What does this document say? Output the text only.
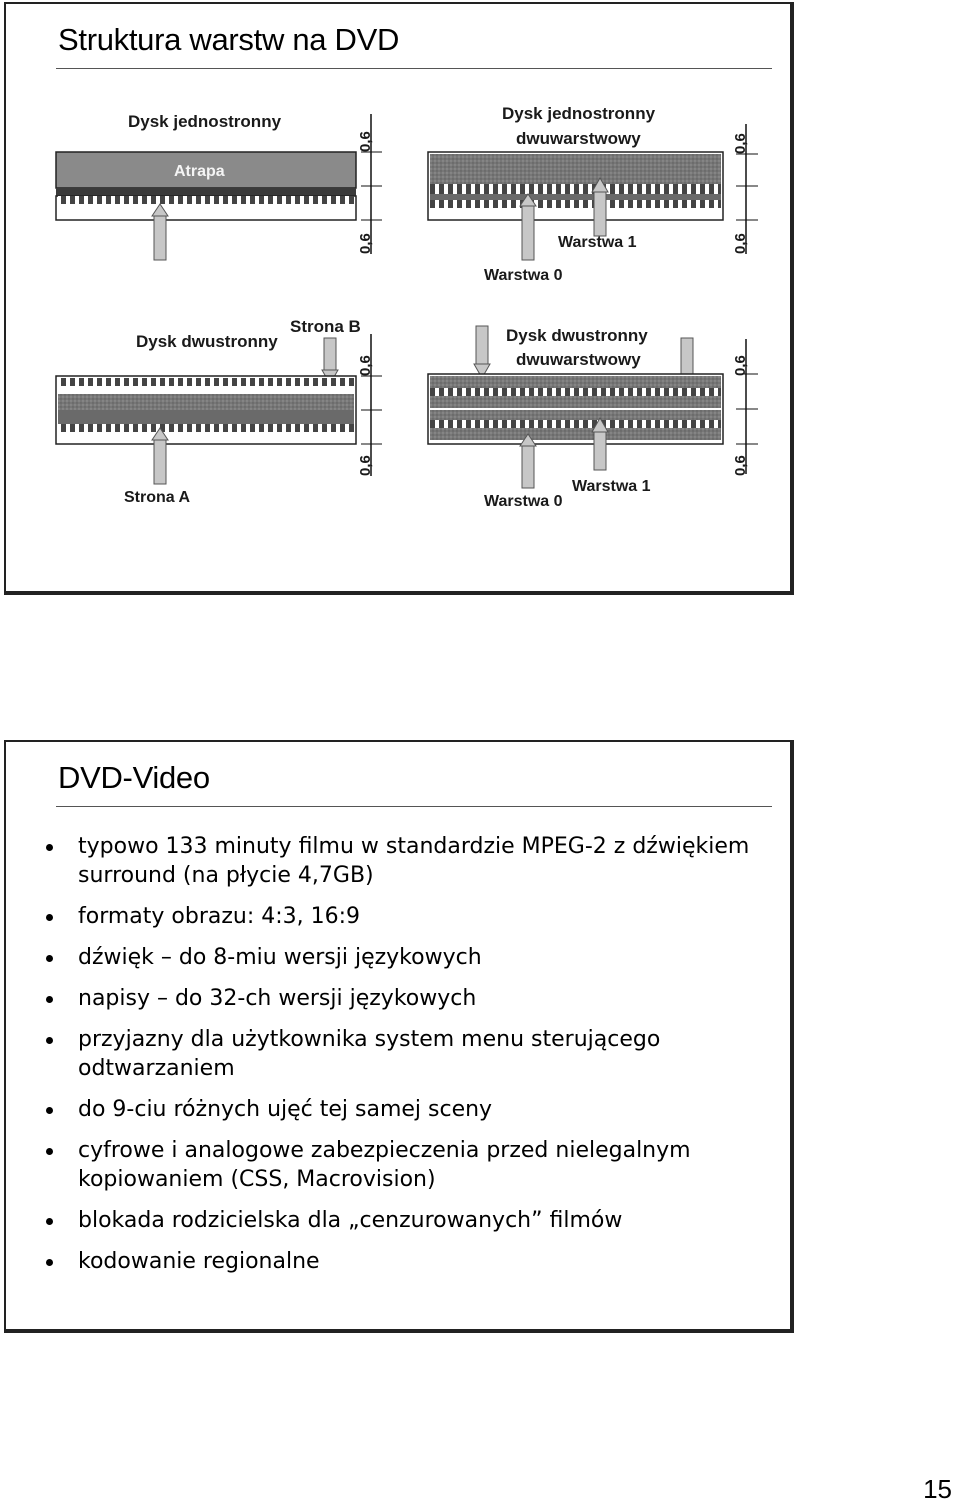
Struktura warstw na DVD
Dysk jednostronny
Atrapa
0,6
0,6
Dysk jednostronny
dwuwarstwowy
Warstwa 1
Warstwa 0
0,6
0,6
Dysk dwustronny
Strona B
Strona A
0,6
0,6
Dysk dwustronny
dwuwarstwowy
Warstwa 1
Warstwa 0
0,6
0,6
DVD-Video
typowo 133 minuty filmu w standardzie MPEG-2 z dźwiękiem surround (na płycie 4,7GB)
formaty obrazu: 4:3, 16:9
dźwięk – do 8-miu wersji językowych
napisy – do 32-ch wersji językowych
przyjazny dla użytkownika system menu sterującego odtwarzaniem
do 9-ciu różnych ujęć tej samej sceny
cyfrowe i analogowe zabezpieczenia przed nielegalnym kopiowaniem (CSS, Macrovision)
blokada rodzicielska dla „cenzurowanych” filmów
kodowanie regionalne
15
